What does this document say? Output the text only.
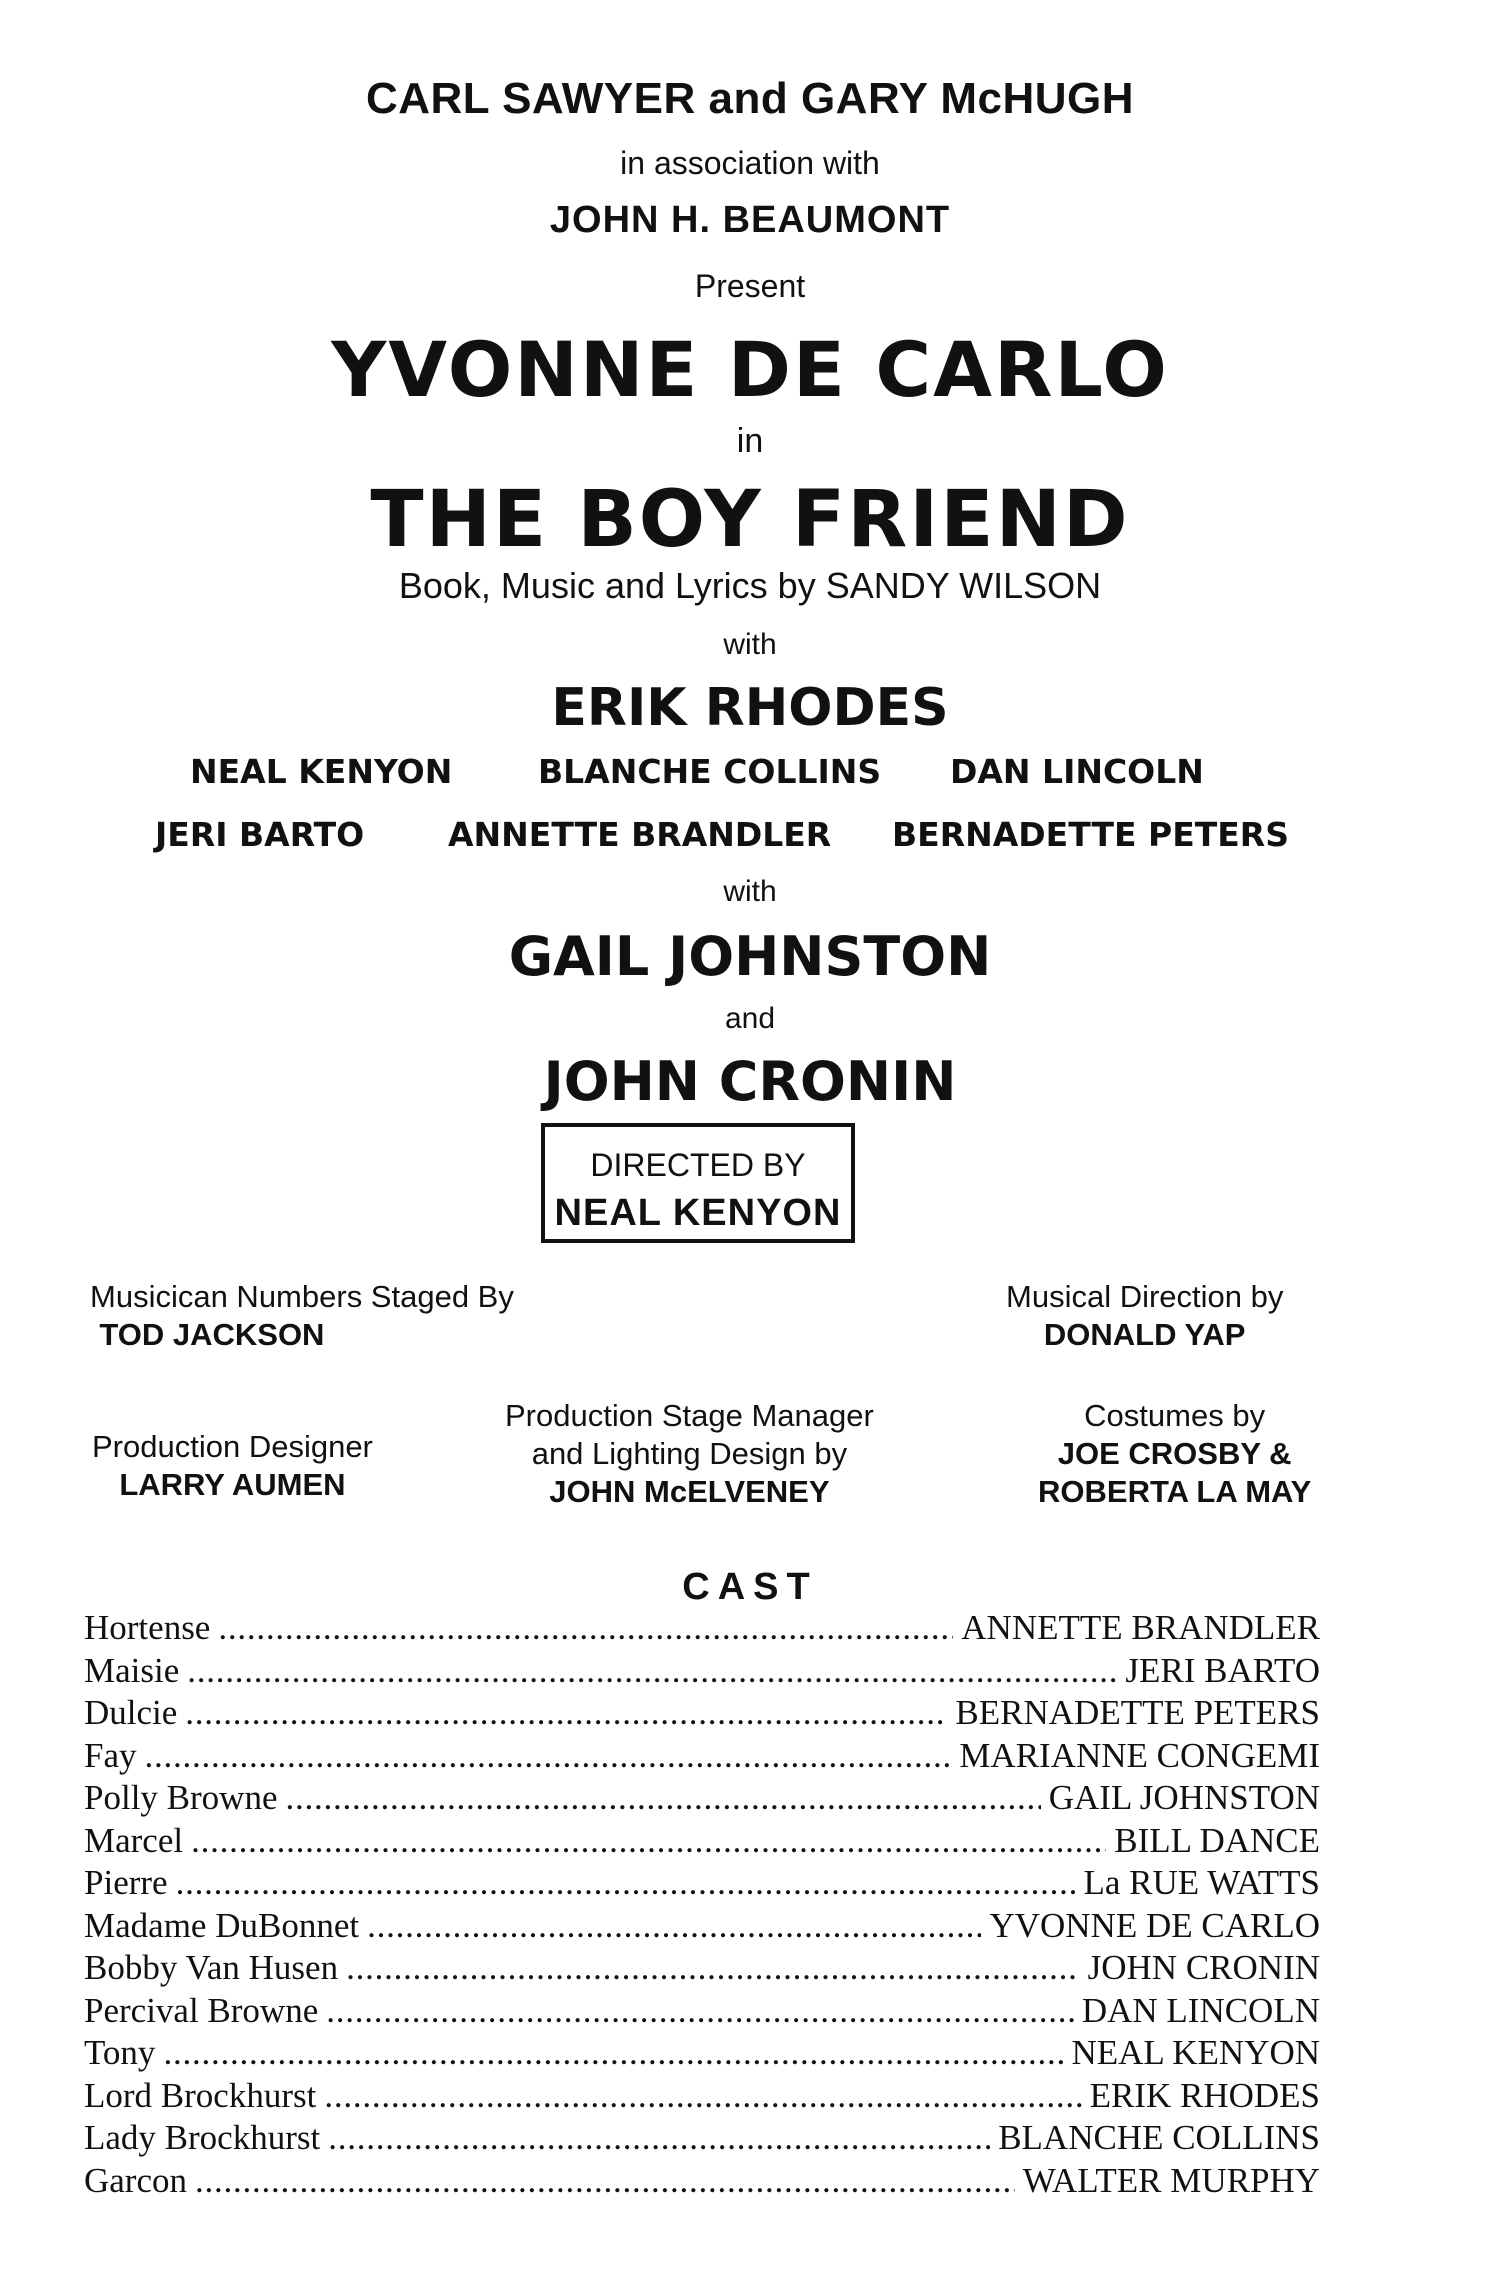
CARL SAWYER and GARY McHUGH
in association with
JOHN H. BEAUMONT
Present
YVONNE DE CARLO
in
THE BOY FRIEND
Book, Music and Lyrics by SANDY WILSON
with
ERIK RHODES
NEAL KENYON	BLANCHE COLLINS DAN LINCOLN
JERI BARTO	ANNETTE BRANDLER BERNADETTE PETERS
with
GAIL JOHNSTON
and
JOHN CRONIN
DIRECTED BY
NEAL KENYON
Musicican Numbers Staged By
TOD JACKSON
Musical Direction by
DONALD YAP
Production Designer
LARRY AUMEN
Production Stage Manager
and Lighting Design by
JOHN McELVENEY
Costumes by
JOE CROSBY &
ROBERTA LA MAY
CAST
Hortense . . .	ANNETTE BRANDLER
Maisie . . .	JERI BARTO
Dulcie . . .	BERNADETTE PETERS
Fay . . .	MARIANNE CONGEMI
Polly Browne . . .	GAIL JOHNSTON
Marcel . . .	BILL DANCE
Pierre . . .	La RUE WATTS
Madame DuBonnet . . .	YVONNE DE CARLO
Bobby Van Husen . . .	JOHN CRONIN
Percival Browne . . .	DAN LINCOLN
Tony . . .	NEAL KENYON
Lord Brockhurst . . .	ERIK RHODES
Lady Brockhurst . . .	BLANCHE COLLINS
Garcon . . .	WALTER MURPHY
